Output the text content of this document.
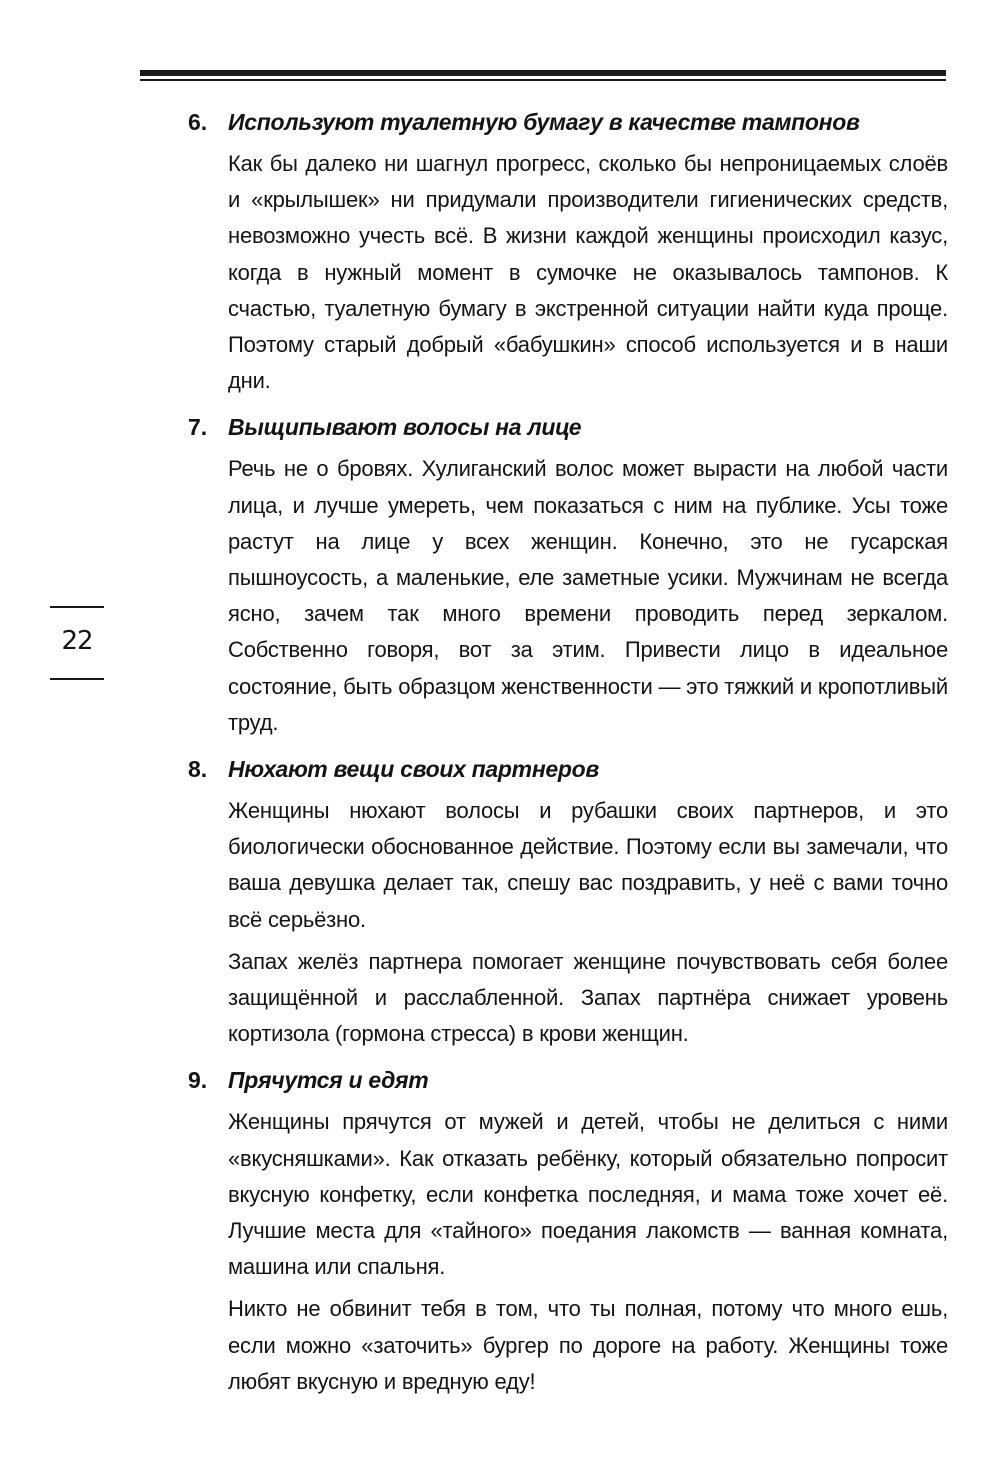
22
6. Используют туалетную бумагу в качестве тампонов

Как бы далеко ни шагнул прогресс, сколько бы непроницаемых слоёв и «крылышек» ни придумали производители гигиенических средств, невозможно учесть всё. В жизни каждой женщины происходил казус, когда в нужный момент в сумочке не оказывалось тампонов. К счастью, туалетную бумагу в экстренной ситуации найти куда проще. Поэтому старый добрый «бабушкин» способ используется и в наши дни.

7. Выщипывают волосы на лице

Речь не о бровях. Хулиганский волос может вырасти на любой части лица, и лучше умереть, чем показаться с ним на публике. Усы тоже растут на лице у всех женщин. Конечно, это не гусарская пышноусость, а маленькие, еле заметные усики. Мужчинам не всегда ясно, зачем так много времени проводить перед зеркалом. Собственно говоря, вот за этим. Привести лицо в идеальное состояние, быть образцом женственности — это тяжкий и кропотливый труд.

8. Нюхают вещи своих партнеров

Женщины нюхают волосы и рубашки своих партнеров, и это биологически обоснованное действие. Поэтому если вы замечали, что ваша девушка делает так, спешу вас поздравить, у неё с вами точно всё серьёзно.

Запах желёз партнера помогает женщине почувствовать себя более защищённой и расслабленной. Запах партнёра снижает уровень кортизола (гормона стресса) в крови женщин.

9. Прячутся и едят

Женщины прячутся от мужей и детей, чтобы не делиться с ними «вкусняшками». Как отказать ребёнку, который обязательно попросит вкусную конфетку, если конфетка последняя, и мама тоже хочет её. Лучшие места для «тайного» поедания лакомств — ванная комната, машина или спальня.

Никто не обвинит тебя в том, что ты полная, потому что много ешь, если можно «заточить» бургер по дороге на работу. Женщины тоже любят вкусную и вредную еду!
